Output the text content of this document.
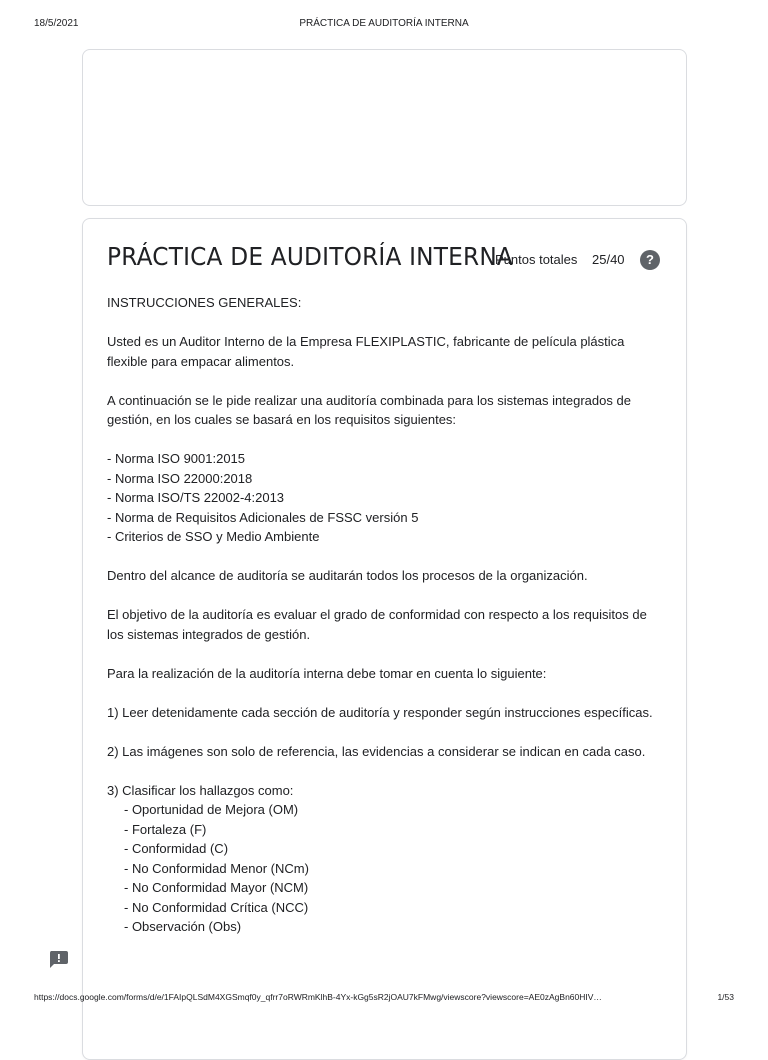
18/5/2021	PRÁCTICA DE AUDITORÍA INTERNA
PRÁCTICA DE AUDITORÍA INTERNA
Puntos totales 25/40	?

INSTRUCCIONES GENERALES:

Usted es un Auditor Interno de la Empresa FLEXIPLASTIC, fabricante de película plástica flexible para empacar alimentos.

A continuación se le pide realizar una auditoría combinada para los sistemas integrados de gestión, en los cuales se basará en los requisitos siguientes:

- Norma ISO 9001:2015

- Norma ISO 22000:2018

- Norma ISO/TS 22002-4:2013

- Norma de Requisitos Adicionales de FSSC versión 5

- Criterios de SSO y Medio Ambiente

Dentro del alcance de auditoría se auditarán todos los procesos de la organización.

El objetivo de la auditoría es evaluar el grado de conformidad con respecto a los requisitos de los sistemas integrados de gestión.

Para la realización de la auditoría interna debe tomar en cuenta lo siguiente:

1) Leer detenidamente cada sección de auditoría y responder según instrucciones específicas.

2) Las imágenes son solo de referencia, las evidencias a considerar se indican en cada caso.

3) Clasificar los hallazgos como:

- Oportunidad de Mejora (OM)

- Fortaleza (F)

- Conformidad (C)

- No Conformidad Menor (NCm)

- No Conformidad Mayor (NCM)

- No Conformidad Crítica (NCC)

- Observación (Obs)

https://docs.google.com/forms/d/e/1FAIpQLSdM4XGSmqf0y_qfrr7oRWRmKlhB-4Yx-kGg5sR2jOAU7kFMwg/viewscore?viewscore=AE0zAgBn60HIV…	1/53
